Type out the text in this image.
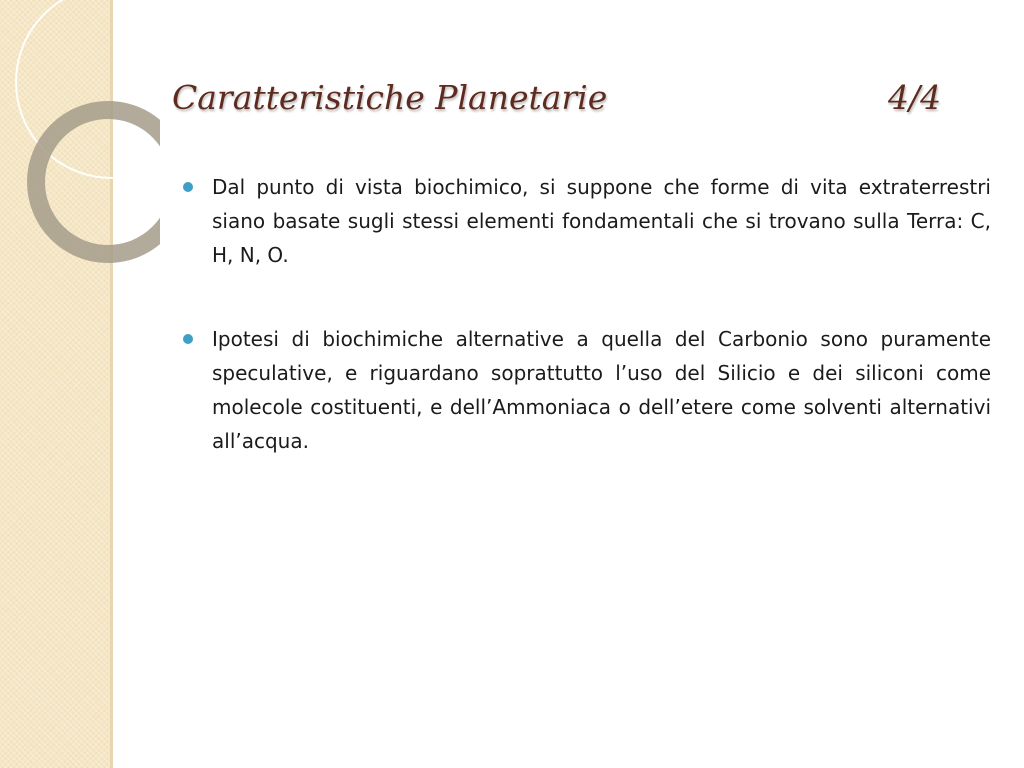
Caratteristiche Planetarie	4/4
Dal punto di vista biochimico, si suppone che forme di vita extraterrestri siano basate sugli stessi elementi fondamentali che si trovano sulla Terra: C, H, N, O.
Ipotesi di biochimiche alternative a quella del Carbonio sono puramente speculative, e riguardano soprattutto l’uso del Silicio e dei siliconi come molecole costituenti, e dell’Ammoniaca o dell’etere come solventi alternativi all’acqua.
